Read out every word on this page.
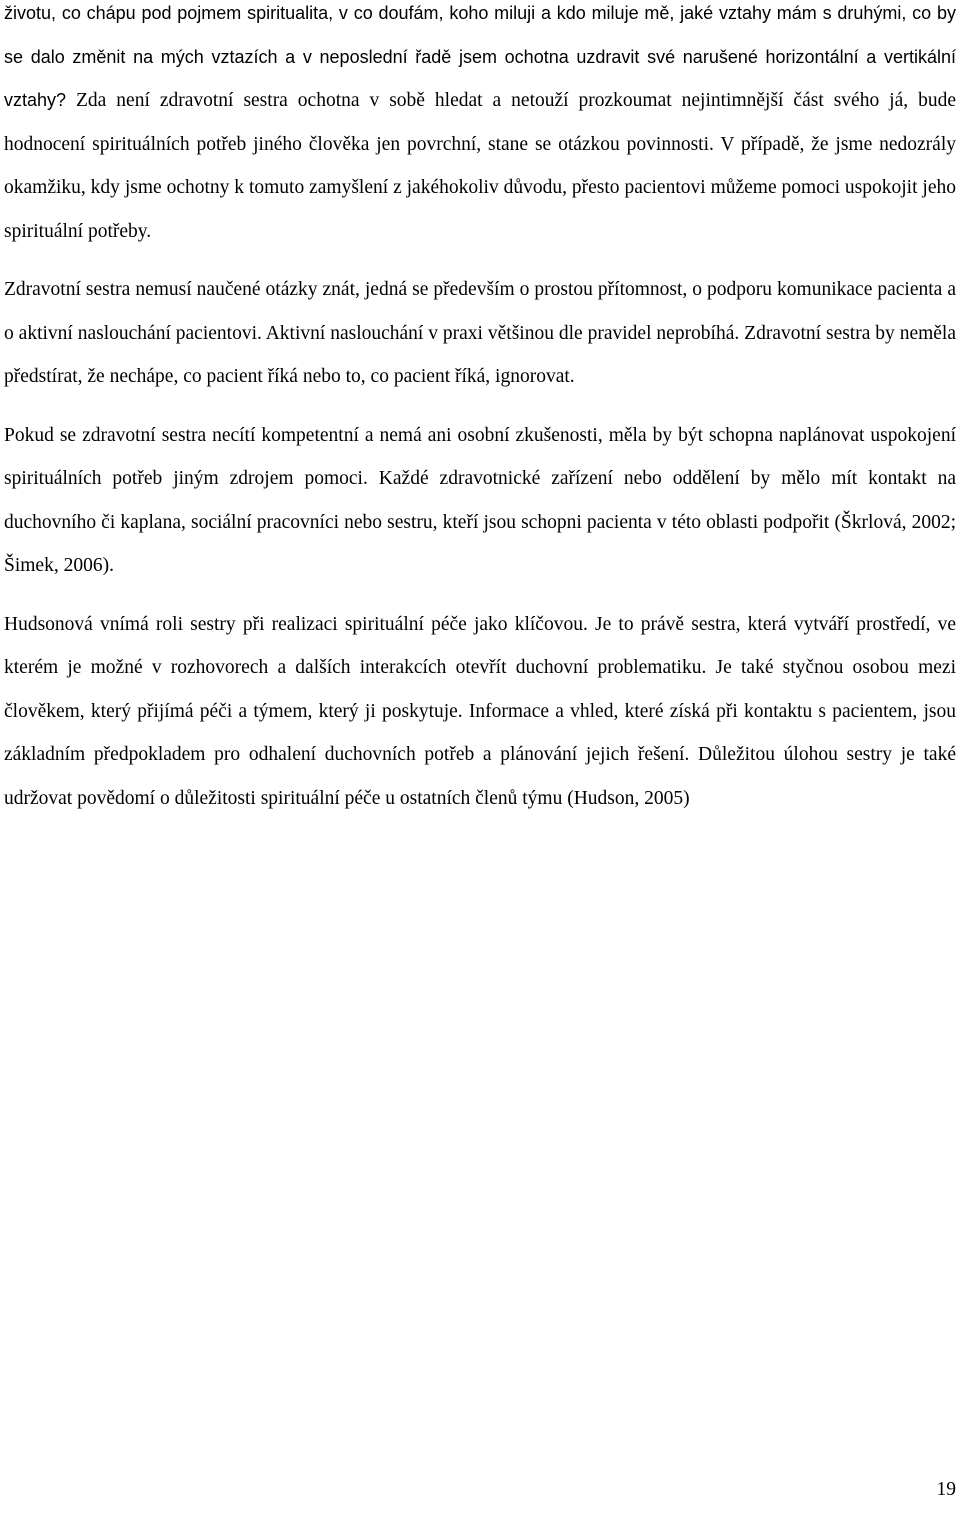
životu, co chápu pod pojmem spiritualita, v co doufám, koho miluji a kdo miluje mě, jaké vztahy mám s druhými, co by se dalo změnit na mých vztazích a v neposlední řadě jsem ochotna uzdravit své narušené horizontální a vertikální vztahy? Zda není zdravotní sestra ochotna v sobě hledat a netouží prozkoumat nejintimnější část svého já, bude hodnocení spirituálních potřeb jiného člověka jen povrchní, stane se otázkou povinnosti. V případě, že jsme nedozrály okamžiku, kdy jsme ochotny k tomuto zamyšlení z jakéhokoliv důvodu, přesto pacientovi můžeme pomoci uspokojit jeho spirituální potřeby.

Zdravotní sestra nemusí naučené otázky znát, jedná se především o prostou přítomnost, o podporu komunikace pacienta a o aktivní naslouchání pacientovi. Aktivní naslouchání v praxi většinou dle pravidel neprobíhá. Zdravotní sestra by neměla předstírat, že nechápe, co pacient říká nebo to, co pacient říká, ignorovat.

Pokud se zdravotní sestra necítí kompetentní a nemá ani osobní zkušenosti, měla by být schopna naplánovat uspokojení spirituálních potřeb jiným zdrojem pomoci. Každé zdravotnické zařízení nebo oddělení by mělo mít kontakt na duchovního či kaplana, sociální pracovníci nebo sestru, kteří jsou schopni pacienta v této oblasti podpořit (Škrlová, 2002; Šimek, 2006).

Hudsonová vnímá roli sestry při realizaci spirituální péče jako klíčovou. Je to právě sestra, která vytváří prostředí, ve kterém je možné v rozhovorech a dalších interakcích otevřít duchovní problematiku. Je také styčnou osobou mezi člověkem, který přijímá péči a týmem, který ji poskytuje. Informace a vhled, které získá při kontaktu s pacientem, jsou základním předpokladem pro odhalení duchovních potřeb a plánování jejich řešení. Důležitou úlohou sestry je také udržovat povědomí o důležitosti spirituální péče u ostatních členů týmu (Hudson, 2005)

19
